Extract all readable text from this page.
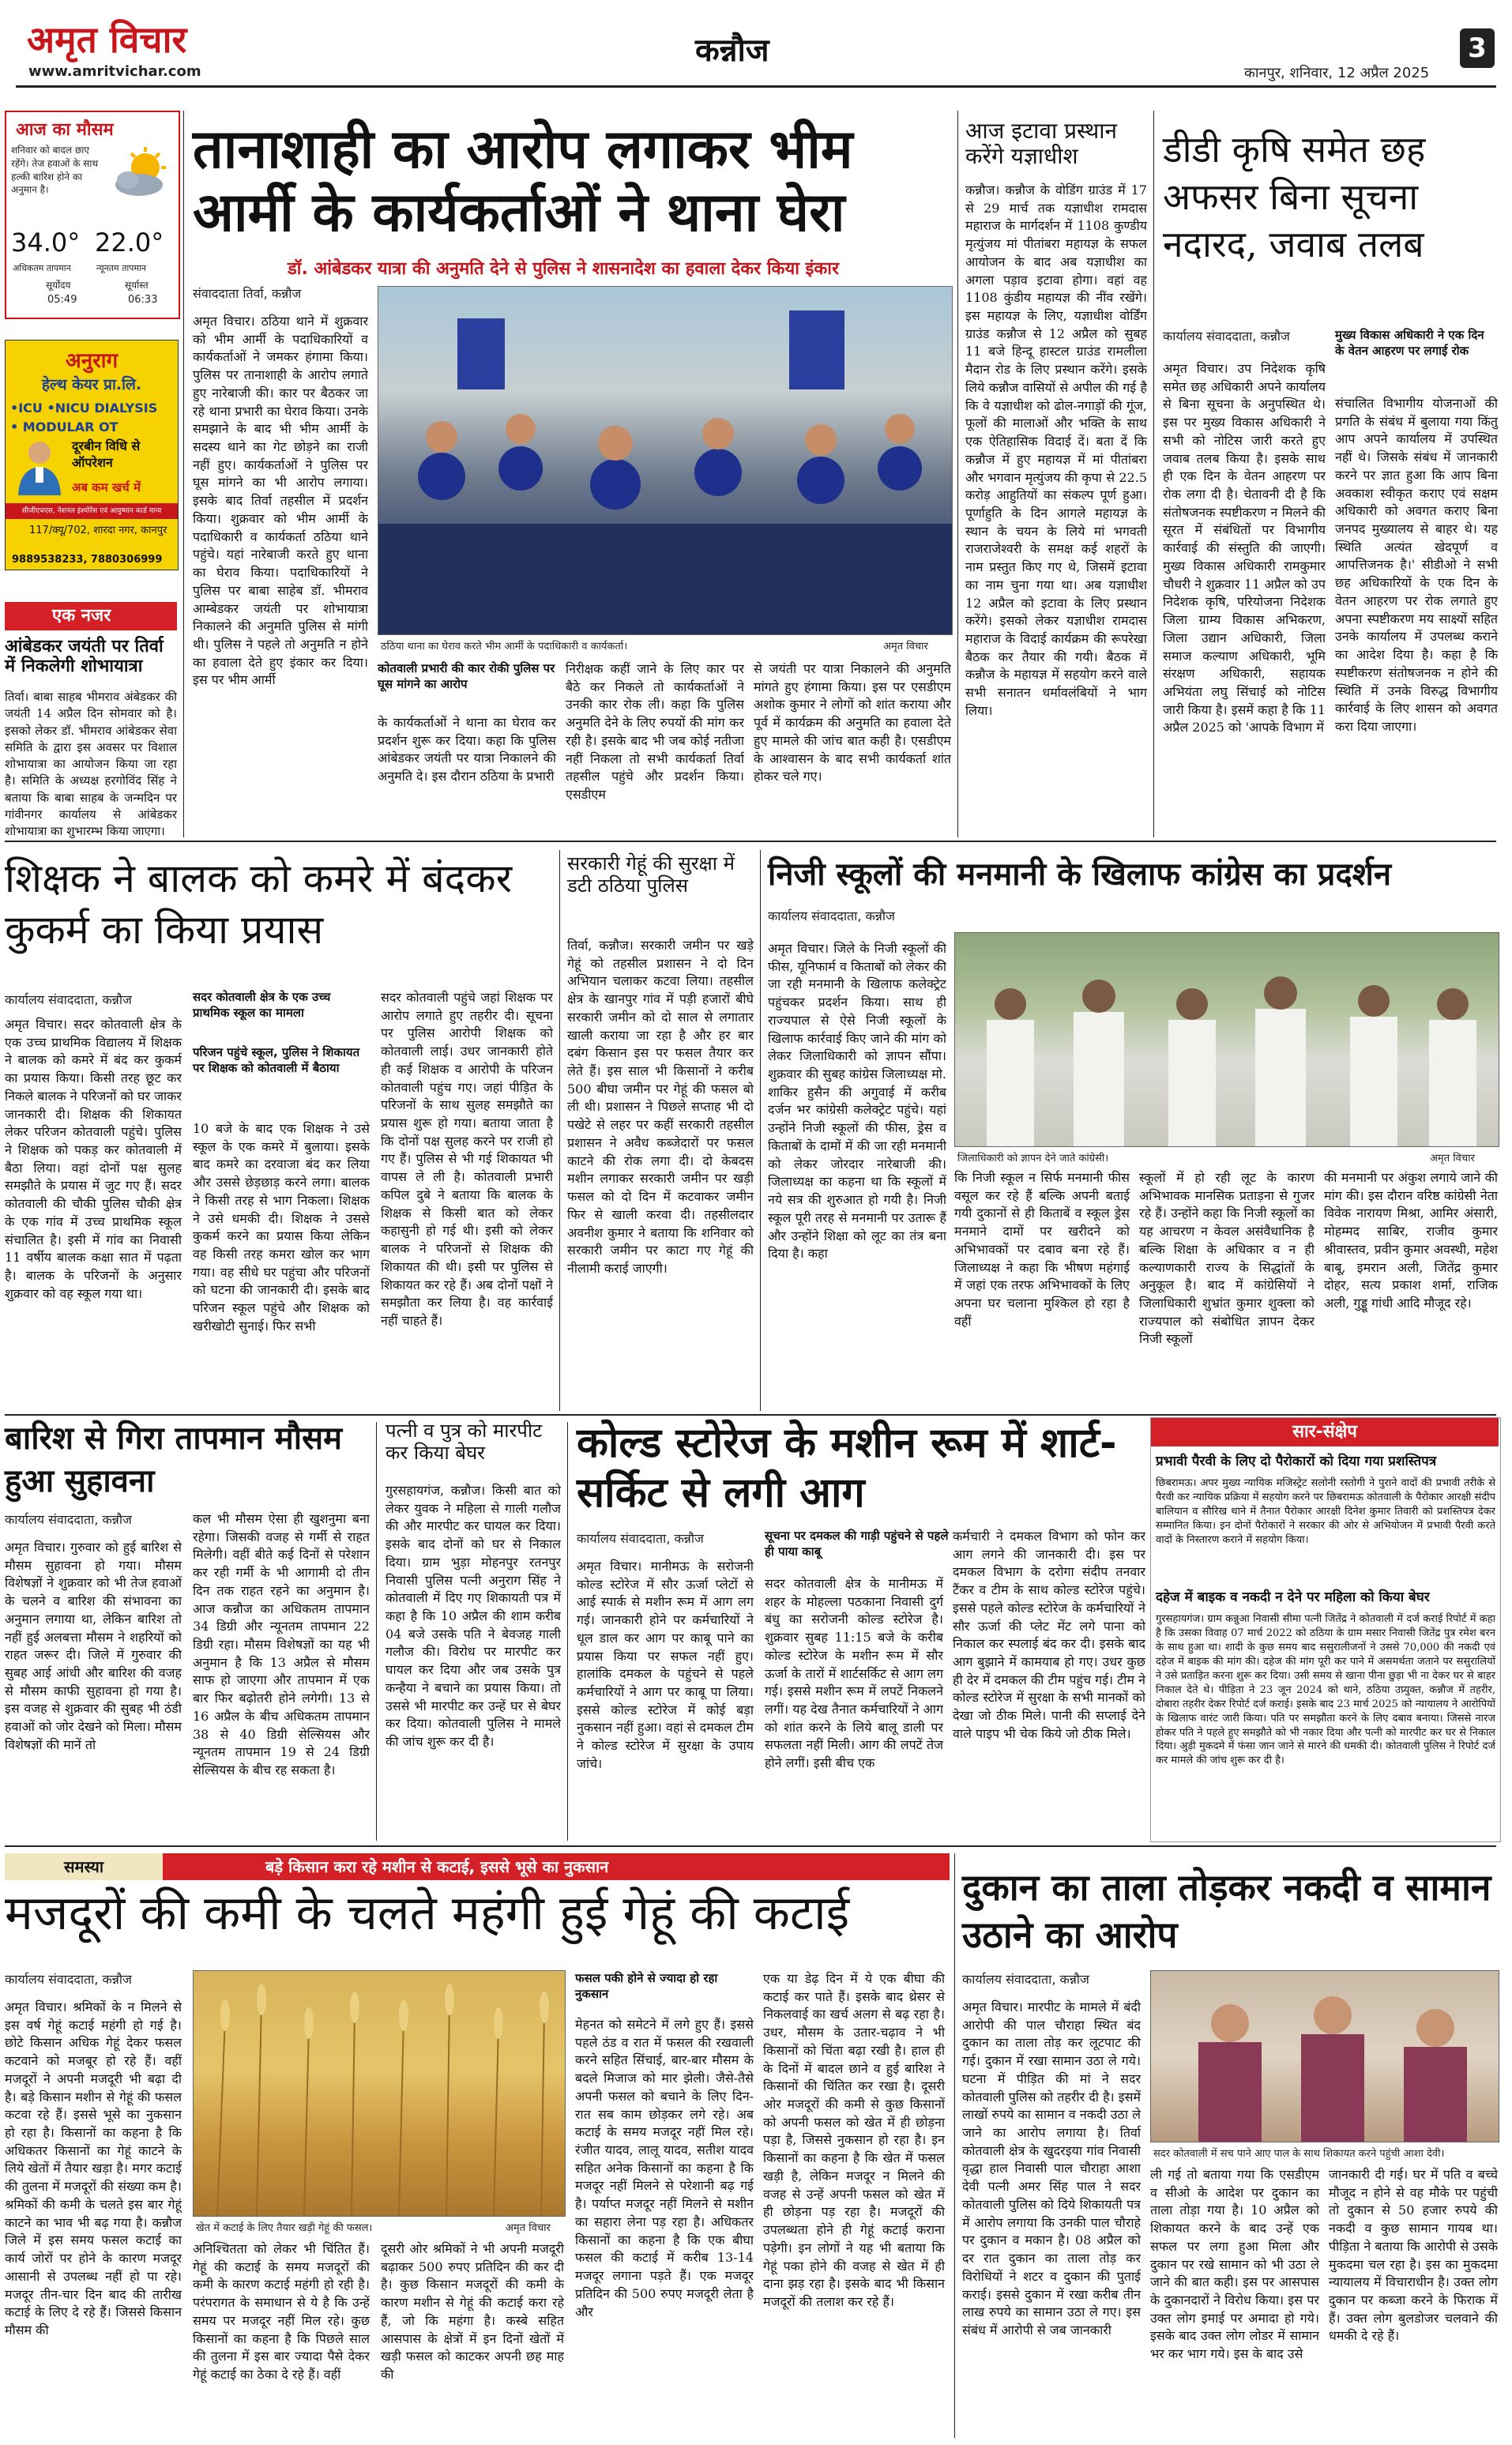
अमृत विचार
www.amritvichar.com
कन्नौज
कानपुर, शनिवार, 12 अप्रैल 2025
3
आज का मौसम
शनिवार को बादल छाए रहेंगे। तेज हवाओं के साथ हल्की बारिश होने का अनुमान है।
34.0° 22.0°
अधिकतम तापमान	न्यूनतम तापमान
सूर्योदय
05:49
सूर्यास्त
06:33
अनुराग
हेल्थ केयर प्रा.लि.
•ICU •NICU DIALYSIS
• MODULAR OT
दूरबीन विधि से ऑपरेशन
अब कम खर्च में
सीजीएचएस, नेशनल इंश्योरेंस एवं आयुष्मान कार्ड मान्य
117/क्यू/702, शारदा नगर, कानपुर
9889538233, 7880306999
एक नजर
आंबेडकर जयंती पर तिर्वा में निकलेगी शोभायात्रा

तिर्वा। बाबा साहब भीमराव अंबेडकर की जयंती 14 अप्रैल दिन सोमवार को है। इसको लेकर डॉ. भीमराव आंबेडकर सेवा समिति के द्वारा इस अवसर पर विशाल शोभायात्रा का आयोजन किया जा रहा है। समिति के अध्यक्ष हरगोविंद सिंह ने बताया कि बाबा साहब के जन्मदिन पर गांवीनगर कार्यालय से आंबेडकर शोभायात्रा का शुभारम्भ किया जाएगा।

तानाशाही का आरोप लगाकर भीम आर्मी के कार्यकर्ताओं ने थाना घेरा
डॉ. आंबेडकर यात्रा की अनुमति देने से पुलिस ने शासनादेश का हवाला देकर किया इंकार
संवाददाता तिर्वा, कन्नौज

अमृत विचार। ठठिया थाने में शुक्रवार को भीम आर्मी के पदाधिकारियों व कार्यकर्ताओं ने जमकर हंगामा किया। पुलिस पर तानाशाही के आरोप लगाते हुए नारेबाजी की। कार पर बैठकर जा रहे थाना प्रभारी का घेराव किया। उनके समझाने के बाद भी भीम आर्मी के सदस्य थाने का गेट छोड़ने का राजी नहीं हुए। कार्यकर्ताओं ने पुलिस पर घूस मांगने का भी आरोप लगाया। इसके बाद तिर्वा तहसील में प्रदर्शन किया। शुक्रवार को भीम आर्मी के पदाधिकारी व कार्यकर्ता ठठिया थाने पहुंचे। यहां नारेबाजी करते हुए थाना का घेराव किया। पदाधिकारियों ने पुलिस पर बाबा साहेब डॉ. भीमराव आम्बेडकर जयंती पर शोभायात्रा निकालने की अनुमति पुलिस से मांगी थी। पुलिस ने पहले तो अनुमति न होने का हवाला देते हुए इंकार कर दिया। इस पर भीम आर्मी

ठठिया थाना का घेराव करते भीम आर्मी के पदाधिकारी व कार्यकर्ता।	अमृत विचार
कोतवाली प्रभारी की कार रोकी पुलिस पर घूस मांगने का आरोप

के कार्यकर्ताओं ने थाना का घेराव कर प्रदर्शन शुरू कर दिया। कहा कि पुलिस आंबेडकर जयंती पर यात्रा निकालने की अनुमति दे। इस दौरान ठठिया के प्रभारी

निरीक्षक कहीं जाने के लिए कार पर बैठे कर निकले तो कार्यकर्ताओं ने उनकी कार रोक ली। कहा कि पुलिस अनुमति देने के लिए रुपयों की मांग कर रही है। इसके बाद भी जब कोई नतीजा नहीं निकला तो सभी कार्यकर्ता तिर्वा तहसील पहुंचे और प्रदर्शन किया। एसडीएम

से जयंती पर यात्रा निकालने की अनुमति मांगते हुए हंगामा किया। इस पर एसडीएम अशोक कुमार ने लोगों को शांत कराया और पूर्व में कार्यक्रम की अनुमति का हवाला देते हुए मामले की जांच बात कही है। एसडीएम के आश्वासन के बाद सभी कार्यकर्ता शांत होकर चले गए।

आज इटावा प्रस्थान करेंगे यज्ञाधीश

कन्नौज। कन्नौज के वोडिंग ग्राउंड में 17 से 29 मार्च तक यज्ञाधीश रामदास महाराज के मार्गदर्शन में 1108 कुण्डीय मृत्युंजय मां पीतांबरा महायज्ञ के सफल आयोजन के बाद अब यज्ञाधीश का अगला पड़ाव इटावा होगा। वहां वह 1108 कुंडीय महायज्ञ की नींव रखेंगे। इस महायज्ञ के लिए, यज्ञाधीश वोर्डिंग ग्राउंड कन्नौज से 12 अप्रैल को सुबह 11 बजे हिन्दू हास्टल ग्राउंड रामलीला मैदान रोड के लिए प्रस्थान करेंगे। इसके लिये कन्नौज वासियों से अपील की गई है कि वे यज्ञाधीश को ढोल-नगाड़ों की गूंज, फूलों की मालाओं और भक्ति के साथ एक ऐतिहासिक विदाई दें। बता दें कि कन्नौज में हुए महायज्ञ में मां पीतांबरा और भगवान मृत्युंजय की कृपा से 22.5 करोड़ आहुतियों का संकल्प पूर्ण हुआ। पूर्णाहुति के दिन आगले महायज्ञ के स्थान के चयन के लिये मां भगवती राजराजेश्वरी के समक्ष कई शहरों के नाम प्रस्तुत किए गए थे, जिसमें इटावा का नाम चुना गया था। अब यज्ञाधीश 12 अप्रैल को इटावा के लिए प्रस्थान करेंगे। इसको लेकर यज्ञाधीश रामदास महाराज के विदाई कार्यक्रम की रूपरेखा बैठक कर तैयार की गयी। बैठक में कन्नौज के महायज्ञ में सहयोग करने वाले सभी सनातन धर्मावलंबियों ने भाग लिया।

डीडी कृषि समेत छह अफसर बिना सूचना नदारद, जवाब तलब
कार्यालय संवाददाता, कन्नौज	मुख्य विकास अधिकारी ने एक दिन के वेतन आहरण पर लगाई रोक

अमृत विचार। उप निदेशक कृषि समेत छह अधिकारी अपने कार्यालय से बिना सूचना के अनुपस्थित थे। इस पर मुख्य विकास अधिकारी ने सभी को नोटिस जारी करते हुए जवाब तलब किया है। इसके साथ ही एक दिन के वेतन आहरण पर रोक लगा दी है। चेतावनी दी है कि संतोषजनक स्पष्टीकरण न मिलने की सूरत में संबंधितों पर विभागीय कार्रवाई की संस्तुति की जाएगी। मुख्य विकास अधिकारी रामकुमार चौधरी ने शुक्रवार 11 अप्रैल को उप निदेशक कृषि, परियोजना निदेशक जिला ग्राम्य विकास अभिकरण, जिला उद्यान अधिकारी, जिला समाज कल्याण अधिकारी, भूमि संरक्षण अधिकारी, सहायक अभियंता लघु सिंचाई को नोटिस जारी किया है। इसमें कहा है कि 11 अप्रैल 2025 को 'आपके विभाग में

संचालित विभागीय योजनाओं की प्रगति के संबंध में बुलाया गया किंतु आप अपने कार्यालय में उपस्थित नहीं थे। जिसके संबंध में जानकारी करने पर ज्ञात हुआ कि आप बिना अवकाश स्वीकृत कराए एवं सक्षम अधिकारी को अवगत कराए बिना जनपद मुख्यालय से बाहर थे। यह स्थिति अत्यंत खेदपूर्ण व आपत्तिजनक है।' सीडीओ ने सभी छह अधिकारियों के एक दिन के वेतन आहरण पर रोक लगाते हुए अपना स्पष्टीकरण मय साक्ष्यों सहित उनके कार्यालय में उपलब्ध कराने का आदेश दिया है। कहा है कि स्पष्टीकरण संतोषजनक न होने की स्थिति में उनके विरुद्ध विभागीय कार्रवाई के लिए शासन को अवगत करा दिया जाएगा।

शिक्षक ने बालक को कमरे में बंदकर कुकर्म का किया प्रयास
कार्यालय संवाददाता, कन्नौज	सदर कोतवाली क्षेत्र के एक उच्च प्राथमिक स्कूल का मामला
परिजन पहुंचे स्कूल, पुलिस ने शिकायत पर शिक्षक को कोतवाली में बैठाया

अमृत विचार। सदर कोतवाली क्षेत्र के एक उच्च प्राथमिक विद्यालय में शिक्षक ने बालक को कमरे में बंद कर कुकर्म का प्रयास किया। किसी तरह छूट कर निकले बालक ने परिजनों को घर जाकर जानकारी दी। शिक्षक की शिकायत लेकर परिजन कोतवाली पहुंचे। पुलिस ने शिक्षक को पकड़ कर कोतवाली में बैठा लिया। वहां दोनों पक्ष सुलह समझौते के प्रयास में जुट गए हैं। सदर कोतवाली की चौकी पुलिस चौकी क्षेत्र के एक गांव में उच्च प्राथमिक स्कूल संचालित है। इसी में गांव का निवासी 11 वर्षीय बालक कक्षा सात में पढ़ता है। बालक के परिजनों के अनुसार शुक्रवार को वह स्कूल गया था।

10 बजे के बाद एक शिक्षक ने उसे स्कूल के एक कमरे में बुलाया। इसके बाद कमरे का दरवाजा बंद कर लिया और उससे छेड़छाड़ करने लगा। बालक ने किसी तरह से भाग निकला। शिक्षक ने उसे धमकी दी। शिक्षक ने उससे कुकर्म करने का प्रयास किया लेकिन वह किसी तरह कमरा खोल कर भाग गया। वह सीधे घर पहुंचा और परिजनों को घटना की जानकारी दी। इसके बाद परिजन स्कूल पहुंचे और शिक्षक को खरीखोटी सुनाई। फिर सभी

सदर कोतवाली पहुंचे जहां शिक्षक पर आरोप लगाते हुए तहरीर दी। सूचना पर पुलिस आरोपी शिक्षक को कोतवाली लाई। उधर जानकारी होते ही कई शिक्षक व आरोपी के परिजन कोतवाली पहुंच गए। जहां पीड़ित के परिजनों के साथ सुलह समझौते का प्रयास शुरू हो गया। बताया जाता है कि दोनों पक्ष सुलह करने पर राजी हो गए हैं। पुलिस से भी गई शिकायत भी वापस ले ली है। कोतवाली प्रभारी कपिल दुबे ने बताया कि बालक के शिक्षक से किसी बात को लेकर कहासुनी हो गई थी। इसी को लेकर बालक ने परिजनों से शिक्षक की शिकायत की थी। इसी पर पुलिस से शिकायत कर रहे हैं। अब दोनों पक्षों ने समझौता कर लिया है। वह कार्रवाई नहीं चाहते हैं।

सरकारी गेहूं की सुरक्षा में डटी ठठिया पुलिस

तिर्वा, कन्नौज। सरकारी जमीन पर खड़े गेहूं को तहसील प्रशासन ने दो दिन अभियान चलाकर कटवा लिया। तहसील क्षेत्र के खानपुर गांव में पड़ी हजारों बीघे सरकारी जमीन को दो साल से लगातार खाली कराया जा रहा है और हर बार दबंग किसान इस पर फसल तैयार कर लेते हैं। इस साल भी किसानों ने करीब 500 बीघा जमीन पर गेहूं की फसल बो ली थी। प्रशासन ने पिछले सप्ताह भी दो पखेटे से लहर पर कहीं सरकारी तहसील प्रशासन ने अवैध कब्जेदारों पर फसल काटने की रोक लगा दी। दो केबदस मशीन लगाकर सरकारी जमीन पर खड़ी फसल को दो दिन में कटवाकर जमीन फिर से खाली करवा दी। तहसीलदार अवनीश कुमार ने बताया कि शनिवार को सरकारी जमीन पर काटा गए गेहूं की नीलामी कराई जाएगी।

निजी स्कूलों की मनमानी के खिलाफ कांग्रेस का प्रदर्शन
कार्यालय संवाददाता, कन्नौज

अमृत विचार। जिले के निजी स्कूलों की फीस, यूनिफार्म व किताबों को लेकर की जा रही मनमानी के खिलाफ कलेक्ट्रेट पहुंचकर प्रदर्शन किया। साथ ही राज्यपाल से ऐसे निजी स्कूलों के खिलाफ कार्रवाई किए जाने की मांग को लेकर जिलाधिकारी को ज्ञापन सौंपा। शुक्रवार की सुबह कांग्रेस जिलाध्यक्ष मो. शाकिर हुसैन की अगुवाई में करीब दर्जन भर कांग्रेसी कलेक्ट्रेट पहुंचे। यहां उन्होंने निजी स्कूलों की फीस, ड्रेस व किताबों के दामों में की जा रही मनमानी को लेकर जोरदार नारेबाजी की। जिलाध्यक्ष का कहना था कि स्कूलों में नये सत्र की शुरुआत हो गयी है। निजी स्कूल पूरी तरह से मनमानी पर उतारू हैं और उन्होंने शिक्षा को लूट का तंत्र बना दिया है। कहा

जिलाधिकारी को ज्ञापन देने जाते कांग्रेसी।	अमृत विचार

कि निजी स्कूल न सिर्फ मनमानी फीस वसूल कर रहे हैं बल्कि अपनी बताई गयी दुकानों से ही किताबें व स्कूल ड्रेस मनमाने दामों पर खरीदने को अभिभावकों पर दबाव बना रहे हैं। जिलाध्यक्ष ने कहा कि भीषण महंगाई में जहां एक तरफ अभिभावकों के लिए अपना घर चलाना मुश्किल हो रहा है वहीं

स्कूलों में हो रही लूट के कारण अभिभावक मानसिक प्रताड़ना से गुजर रहे हैं। उन्होंने कहा कि निजी स्कूलों का यह आचरण न केवल असंवैधानिक है बल्कि शिक्षा के अधिकार व न ही कल्याणकारी राज्य के सिद्धांतों के अनुकूल है। बाद में कांग्रेसियों ने जिलाधिकारी शुभ्रांत कुमार शुक्ला को राज्यपाल को संबोधित ज्ञापन देकर निजी स्कूलों

की मनमानी पर अंकुश लगाये जाने की मांग की। इस दौरान वरिष्ठ कांग्रेसी नेता विवेक नारायण मिश्रा, आमिर अंसारी, मोहम्मद साबिर, राजीव कुमार श्रीवास्तव, प्रवीन कुमार अवस्थी, महेश बाबू, इमरान अली, जितेंद्र कुमार दोहर, सत्य प्रकाश शर्मा, राजिक अली, गुड्डू गांधी आदि मौजूद रहे।

बारिश से गिरा तापमान मौसम हुआ सुहावना
कार्यालय संवाददाता, कन्नौज

अमृत विचार। गुरुवार को हुई बारिश से मौसम सुहावना हो गया। मौसम विशेषज्ञों ने शुक्रवार को भी तेज हवाओं के चलने व बारिश की संभावना का अनुमान लगाया था, लेकिन बारिश तो नहीं हुई अलबत्ता मौसम ने शहरियों को राहत जरूर दी। जिले में गुरुवार की सुबह आई आंधी और बारिश की वजह से मौसम काफी सुहावना हो गया है। इस वजह से शुक्रवार की सुबह भी ठंडी हवाओं को जोर देखने को मिला। मौसम विशेषज्ञों की मानें तो

कल भी मौसम ऐसा ही खुशनुमा बना रहेगा। जिसकी वजह से गर्मी से राहत मिलेगी। वहीं बीते कई दिनों से परेशान कर रही गर्मी के भी आगामी दो तीन दिन तक राहत रहने का अनुमान है। आज कन्नौज का अधिकतम तापमान 34 डिग्री और न्यूनतम तापमान 22 डिग्री रहा। मौसम विशेषज्ञों का यह भी अनुमान है कि 13 अप्रैल से मौसम साफ हो जाएगा और तापमान में एक बार फिर बढ़ोतरी होने लगेगी। 13 से 16 अप्रैल के बीच अधिकतम तापमान 38 से 40 डिग्री सेल्सियस और न्यूनतम तापमान 19 से 24 डिग्री सेल्सियस के बीच रह सकता है।

पत्नी व पुत्र को मारपीट कर किया बेघर

गुरसहायगंज, कन्नौज। किसी बात को लेकर युवक ने महिला से गाली गलौज की और मारपीट कर घायल कर दिया। इसके बाद दोनों को घर से निकाल दिया। ग्राम भुड़ा मोहनपुर रतनपुर निवासी पुलिस पत्नी अनुराग सिंह ने कोतवाली में दिए गए शिकायती पत्र में कहा है कि 10 अप्रैल की शाम करीब 04 बजे उसके पति ने बेवजह गाली गलौज की। विरोध पर मारपीट कर घायल कर दिया और जब उसके पुत्र कन्हैया ने बचाने का प्रयास किया। तो उससे भी मारपीट कर उन्हें घर से बेघर कर दिया। कोतवाली पुलिस ने मामले की जांच शुरू कर दी है।

कोल्ड स्टोरेज के मशीन रूम में शार्ट-सर्किट से लगी आग
कार्यालय संवाददाता, कन्नौज	सूचना पर दमकल की गाड़ी पहुंचने से पहले ही पाया काबू

अमृत विचार। मानीमऊ के सरोजनी कोल्ड स्टोरेज में सौर ऊर्जा प्लेटों से आई स्पार्क से मशीन रूम में आग लग गई। जानकारी होने पर कर्मचारियों ने धूल डाल कर आग पर काबू पाने का प्रयास किया पर सफल नहीं हुए। हालांकि दमकल के पहुंचने से पहले कर्मचारियों ने आग पर काबू पा लिया। इससे कोल्ड स्टोरेज में कोई बड़ा नुकसान नहीं हुआ। वहां से दमकल टीम ने कोल्ड स्टोरेज में सुरक्षा के उपाय जांचे।

सदर कोतवाली क्षेत्र के मानीमऊ में शहर के मोहल्ला पठकाना निवासी दुर्ग बंधु का सरोजनी कोल्ड स्टोरेज है। शुक्रवार सुबह 11:15 बजे के करीब कोल्ड स्टोरेज के मशीन रूम में सौर ऊर्जा के तारों में शार्टसर्किट से आग लग गई। इससे मशीन रूम में लपटें निकलने लगीं। यह देख तैनात कर्मचारियों ने आग को शांत करने के लिये बालू डाली पर सफलता नहीं मिली। आग की लपटें तेज होने लगीं। इसी बीच एक

कर्मचारी ने दमकल विभाग को फोन कर आग लगने की जानकारी दी। इस पर दमकल विभाग के दरोगा संदीप तनवार टैंकर व टीम के साथ कोल्ड स्टोरेज पहुंचे। इससे पहले कोल्ड स्टोरेज के कर्मचारियों ने सौर ऊर्जा की प्लेट मेंट लगे पाना को निकाल कर स्पलाई बंद कर दी। इसके बाद आग बुझाने में कामयाब हो गए। उधर कुछ ही देर में दमकल की टीम पहुंच गई। टीम ने कोल्ड स्टोरेज में सुरक्षा के सभी मानकों को देखा जो ठीक मिले। पानी की सप्लाई देने वाले पाइप भी चेक किये जो ठीक मिले।

सार-संक्षेप
प्रभावी पैरवी के लिए दो पैरोकारों को दिया गया प्रशस्तिपत्र

छिबरामऊ। अपर मुख्य न्यायिक मजिस्ट्रेट सलोनी रस्तोगी ने पुराने वादों की प्रभावी तरीके से पैरवी कर न्यायिक प्रक्रिया में सहयोग करने पर छिबरामऊ कोतवाली के पैरोकार आरक्षी संदीप बालियान व सौरिख थाने में तैनात पैरोकार आरक्षी दिनेश कुमार तिवारी को प्रशस्तिपत्र देकर सम्मानित किया। इन दोनों पैरोकारों ने सरकार की ओर से अभियोजन में प्रभावी पैरवी करते वादों के निस्तारण कराने में सहयोग किया।

दहेज में बाइक व नकदी न देने पर महिला को किया बेघर

गुरसहायगंज। ग्राम कन्नुआ निवासी सीमा पत्नी जितेंद्र ने कोतवाली में दर्ज कराई रिपोर्ट में कहा है कि उसका विवाह 07 मार्च 2022 को ठठिया के ग्राम मसार निवासी जितेंद्र पुत्र रमेश बरन के साथ हुआ था। शादी के कुछ समय बाद ससुरालीजनों ने उससे 70,000 की नकदी एवं दहेज में बाइक की मांग की। दहेज की मांग पूरी कर पाने में असमर्थता जताने पर ससुरालियों ने उसे प्रताड़ित करना शुरू कर दिया। उसी समय से खाना पीना छुड़ा भी ना देकर घर से बाहर निकाल देते थे। पीड़िता ने 23 जून 2024 को थाने, ठठिया उप्र्युक्त, कन्नौज में तहरीर, दोबारा तहरीर देकर रिपोर्ट दर्ज कराई। इसके बाद 23 मार्च 2025 को न्यायालय ने आरोपियों के खिलाफ वारंट जारी किया। पति पर समझौता करने के लिए दबाव बनाया। जिससे नारज होकर पति ने पहले हुए समझौते को भी नकार दिया और पत्नी को मारपीट कर घर से निकाल दिया। अुड़ी मुकदमे में फंसा जान जाने से मारने की धमकी दी। कोतवाली पुलिस ने रिपोर्ट दर्ज कर मामले की जांच शुरू कर दी है।

समस्या	बड़े किसान करा रहे मशीन से कटाई, इससे भूसे का नुकसान
मजदूरों की कमी के चलते महंगी हुई गेहूं की कटाई
कार्यालय संवाददाता, कन्नौज

अमृत विचार। श्रमिकों के न मिलने से इस वर्ष गेहूं कटाई महंगी हो गई है। छोटे किसान अधिक गेहूं देकर फसल कटवाने को मजबूर हो रहे हैं। वहीं मजदूरों ने अपनी मजदूरी भी बढ़ा दी है। बड़े किसान मशीन से गेहूं की फसल कटवा रहे हैं। इससे भूसे का नुकसान हो रहा है। किसानों का कहना है कि अधिकतर किसानों का गेहूं काटने के लिये खेतों में तैयार खड़ा है। मगर कटाई की तुलना में मजदूरों की संख्या कम है। श्रमिकों की कमी के चलते इस बार गेहूं काटने का भाव भी बढ़ गया है। कन्नौज जिले में इस समय फसल कटाई का कार्य जोरों पर होने के कारण मजदूर आसानी से उपलब्ध नहीं हो पा रहे। मजदूर तीन-चार दिन बाद की तारीख कटाई के लिए दे रहे हैं। जिससे किसान मौसम की

खेत में कटाई के लिए तैयार खड़ी गेहूं की फसल।	अमृत विचार

अनिश्चितता को लेकर भी चिंतित हैं। गेहूं की कटाई के समय मजदूरों की कमी के कारण कटाई महंगी हो रही है। परंपरागत के समाधान से ये है कि उन्हें समय पर मजदूर नहीं मिल रहे। कुछ किसानों का कहना है कि पिछले साल की तुलना में इस बार ज्यादा पैसे देकर गेहूं कटाई का ठेका दे रहे हैं। वहीं

दूसरी ओर श्रमिकों ने भी अपनी मजदूरी बढ़ाकर 500 रुपए प्रतिदिन की कर दी है। कुछ किसान मजदूरों की कमी के कारण मशीन से गेहूं की कटाई करा रहे हैं, जो कि महंगा है। कस्बे सहित आसपास के क्षेत्रों में इन दिनों खेतों में खड़ी फसल को काटकर अपनी छह माह की

फसल पकी होने से ज्यादा हो रहा नुकसान

मेहनत को समेटने में लगे हुए हैं। इससे पहले ठंड व रात में फसल की रखवाली करने सहित सिंचाई, बार-बार मौसम के बदले मिजाज को मार झेली। जैसे-तैसे अपनी फसल को बचाने के लिए दिन-रात सब काम छोड़कर लगे रहे। अब कटाई के समय मजदूर नहीं मिल रहे। रंजीत यादव, लालू यादव, सतीश यादव सहित अनेक किसानों का कहना है कि मजदूर नहीं मिलने से परेशानी बढ़ गई है। पर्याप्त मजदूर नहीं मिलने से मशीन का सहारा लेना पड़ रहा है। अधिकतर किसानों का कहना है कि एक बीघा फसल की कटाई में करीब 13-14 मजदूर लगाना पड़ते हैं। एक मजदूर प्रतिदिन की 500 रुपए मजदूरी लेता है और

एक या डेढ़ दिन में ये एक बीघा की कटाई कर पाते हैं। इसके बाद थ्रेसर से निकलवाई का खर्च अलग से बढ़ रहा है। उधर, मौसम के उतार-चढ़ाव ने भी किसानों को चिंता बढ़ा रखी है। हाल ही के दिनों में बादल छाने व हुई बारिश ने किसानों की चिंतित कर रखा है। दूसरी ओर मजदूरों की कमी से कुछ किसानों को अपनी फसल को खेत में ही छोड़ना पड़ा है, जिससे नुकसान हो रहा है। इन किसानों का कहना है कि खेत में फसल खड़ी है, लेकिन मजदूर न मिलने की वजह से उन्हें अपनी फसल को खेत में ही छोड़ना पड़ रहा है। मजदूरों की उपलब्धता होने ही गेहूं कटाई कराना पड़ेगी। इन लोगों ने यह भी बताया कि गेहूं पका होने की वजह से खेत में ही दाना झड़ रहा है। इसके बाद भी किसान मजदूरों की तलाश कर रहे हैं।

दुकान का ताला तोड़कर नकदी व सामान उठाने का आरोप
कार्यालय संवाददाता, कन्नौज

अमृत विचार। मारपीट के मामले में बंदी आरोपी की पाल चौराहा स्थित बंद दुकान का ताला तोड़ कर लूटपाट की गई। दुकान में रखा सामान उठा ले गये। घटना में पीड़ित की मां ने सदर कोतवाली पुलिस को तहरीर दी है। इसमें लाखों रुपये का सामान व नकदी उठा ले जाने का आरोप लगाया है। तिर्वा कोतवाली क्षेत्र के खुदरइया गांव निवासी वृद्धा हाल निवासी पाल चौराहा आशा देवी पत्नी अमर सिंह पाल ने सदर कोतवाली पुलिस को दिये शिकायती पत्र में आरोप लगाया कि उनकी पाल चौराहे पर दुकान व मकान है। 08 अप्रैल को दर रात दुकान का ताला तोड़ कर विरोधियों ने शटर व दुकान की पुताई कराई। इससे दुकान में रखा करीब तीन लाख रुपये का सामान उठा ले गए। इस संबंध में आरोपी से जब जानकारी

सदर कोतवाली में सच पाने आए पाल के साथ शिकायत करने पहुंची आशा देवी।

ली गई तो बताया गया कि एसडीएम व सीओ के आदेश पर दुकान का ताला तोड़ा गया है। 10 अप्रैल को शिकायत करने के बाद उन्हें एक सफल पर लगा हुआ मिला और दुकान पर रखे सामान को भी उठा ले जाने की बात कही। इस पर आसपास के दुकानदारों ने विरोध किया। इस पर उक्त लोग इमाई पर अमादा हो गये। इसके बाद उक्त लोग लोडर में सामान भर कर भाग गये। इस के बाद उसे

जानकारी दी गई। घर में पति व बच्चे मौजूद न होने से वह मौके पर पहुंची तो दुकान से 50 हजार रुपये की नकदी व कुछ सामान गायब था। पीड़िता ने बताया कि आरोपी से उसके मुकदमा चल रहा है। इस का मुकदमा न्यायालय में विचाराधीन है। उक्त लोग दुकान पर कब्जा करने के फिराक में हैं। उक्त लोग बुलडोजर चलवाने की धमकी दे रहे हैं।
